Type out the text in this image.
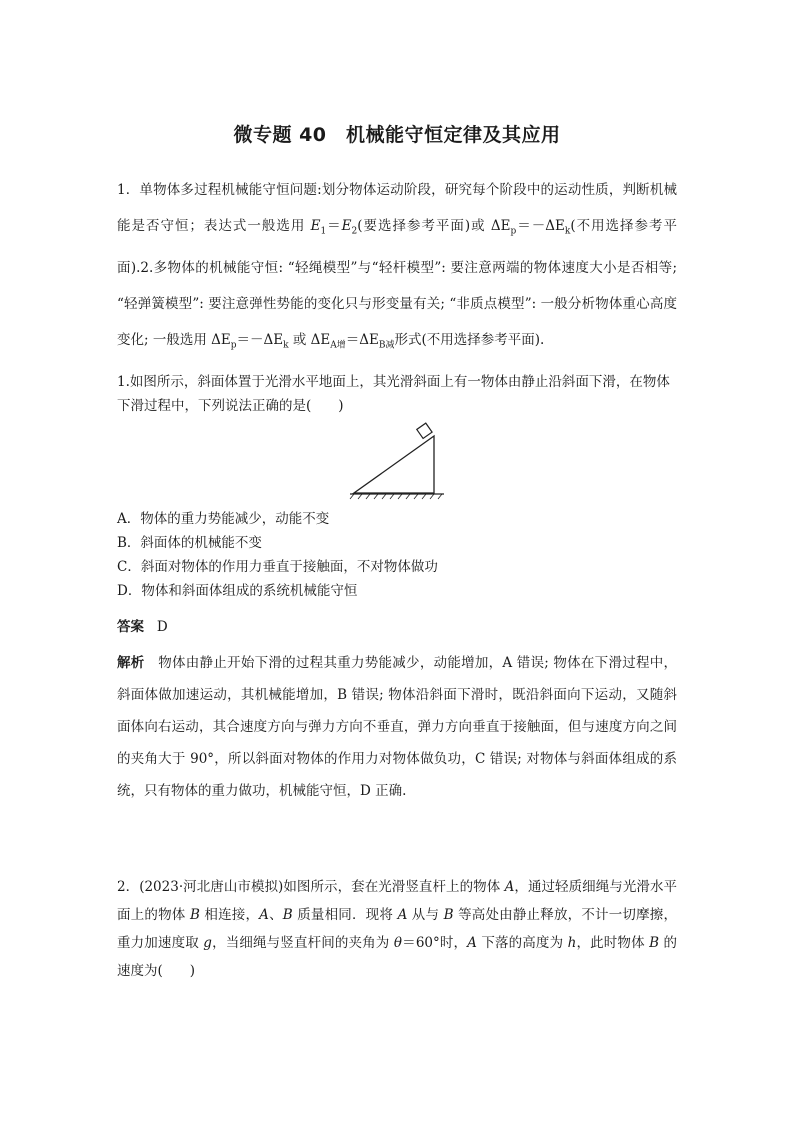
微专题 40　机械能守恒定律及其应用
1．单物体多过程机械能守恒问题:划分物体运动阶段，研究每个阶段中的运动性质，判断机械能是否守恒；表达式一般选用 $E_1=E_2$(要选择参考平面)或 $\Delta E_p=-\Delta E_k$(不用选择参考平面).2.多物体的机械能守恒: “轻绳模型”与“轻杆模型”: 要注意两端的物体速度大小是否相等; “轻弹簧模型”: 要注意弹性势能的变化只与形变量有关; “非质点模型”: 一般分析物体重心高度变化; 一般选用 $\Delta E_p=-\Delta E_k$ 或 $\Delta E_{A增}=\Delta E_{B减}$形式(不用选择参考平面).
1.如图所示，斜面体置于光滑水平地面上，其光滑斜面上有一物体由静止沿斜面下滑，在物体下滑过程中，下列说法正确的是(　　)
A．物体的重力势能减少，动能不变
B．斜面体的机械能不变
C．斜面对物体的作用力垂直于接触面，不对物体做功
D．物体和斜面体组成的系统机械能守恒
答案 D
解析 物体由静止开始下滑的过程其重力势能减少，动能增加，A 错误; 物体在下滑过程中，斜面体做加速运动，其机械能增加，B 错误; 物体沿斜面下滑时，既沿斜面向下运动，又随斜面体向右运动，其合速度方向与弹力方向不垂直，弹力方向垂直于接触面，但与速度方向之间的夹角大于 90°，所以斜面对物体的作用力对物体做负功，C 错误; 对物体与斜面体组成的系统，只有物体的重力做功，机械能守恒，D 正确.
2．(2023·河北唐山市模拟)如图所示，套在光滑竖直杆上的物体 A，通过轻质细绳与光滑水平面上的物体 B 相连接，A、B 质量相同．现将 A 从与 B 等高处由静止释放，不计一切摩擦，重力加速度取 g，当细绳与竖直杆间的夹角为 θ＝60°时，A 下落的高度为 h，此时物体 B 的速度为(　　)
